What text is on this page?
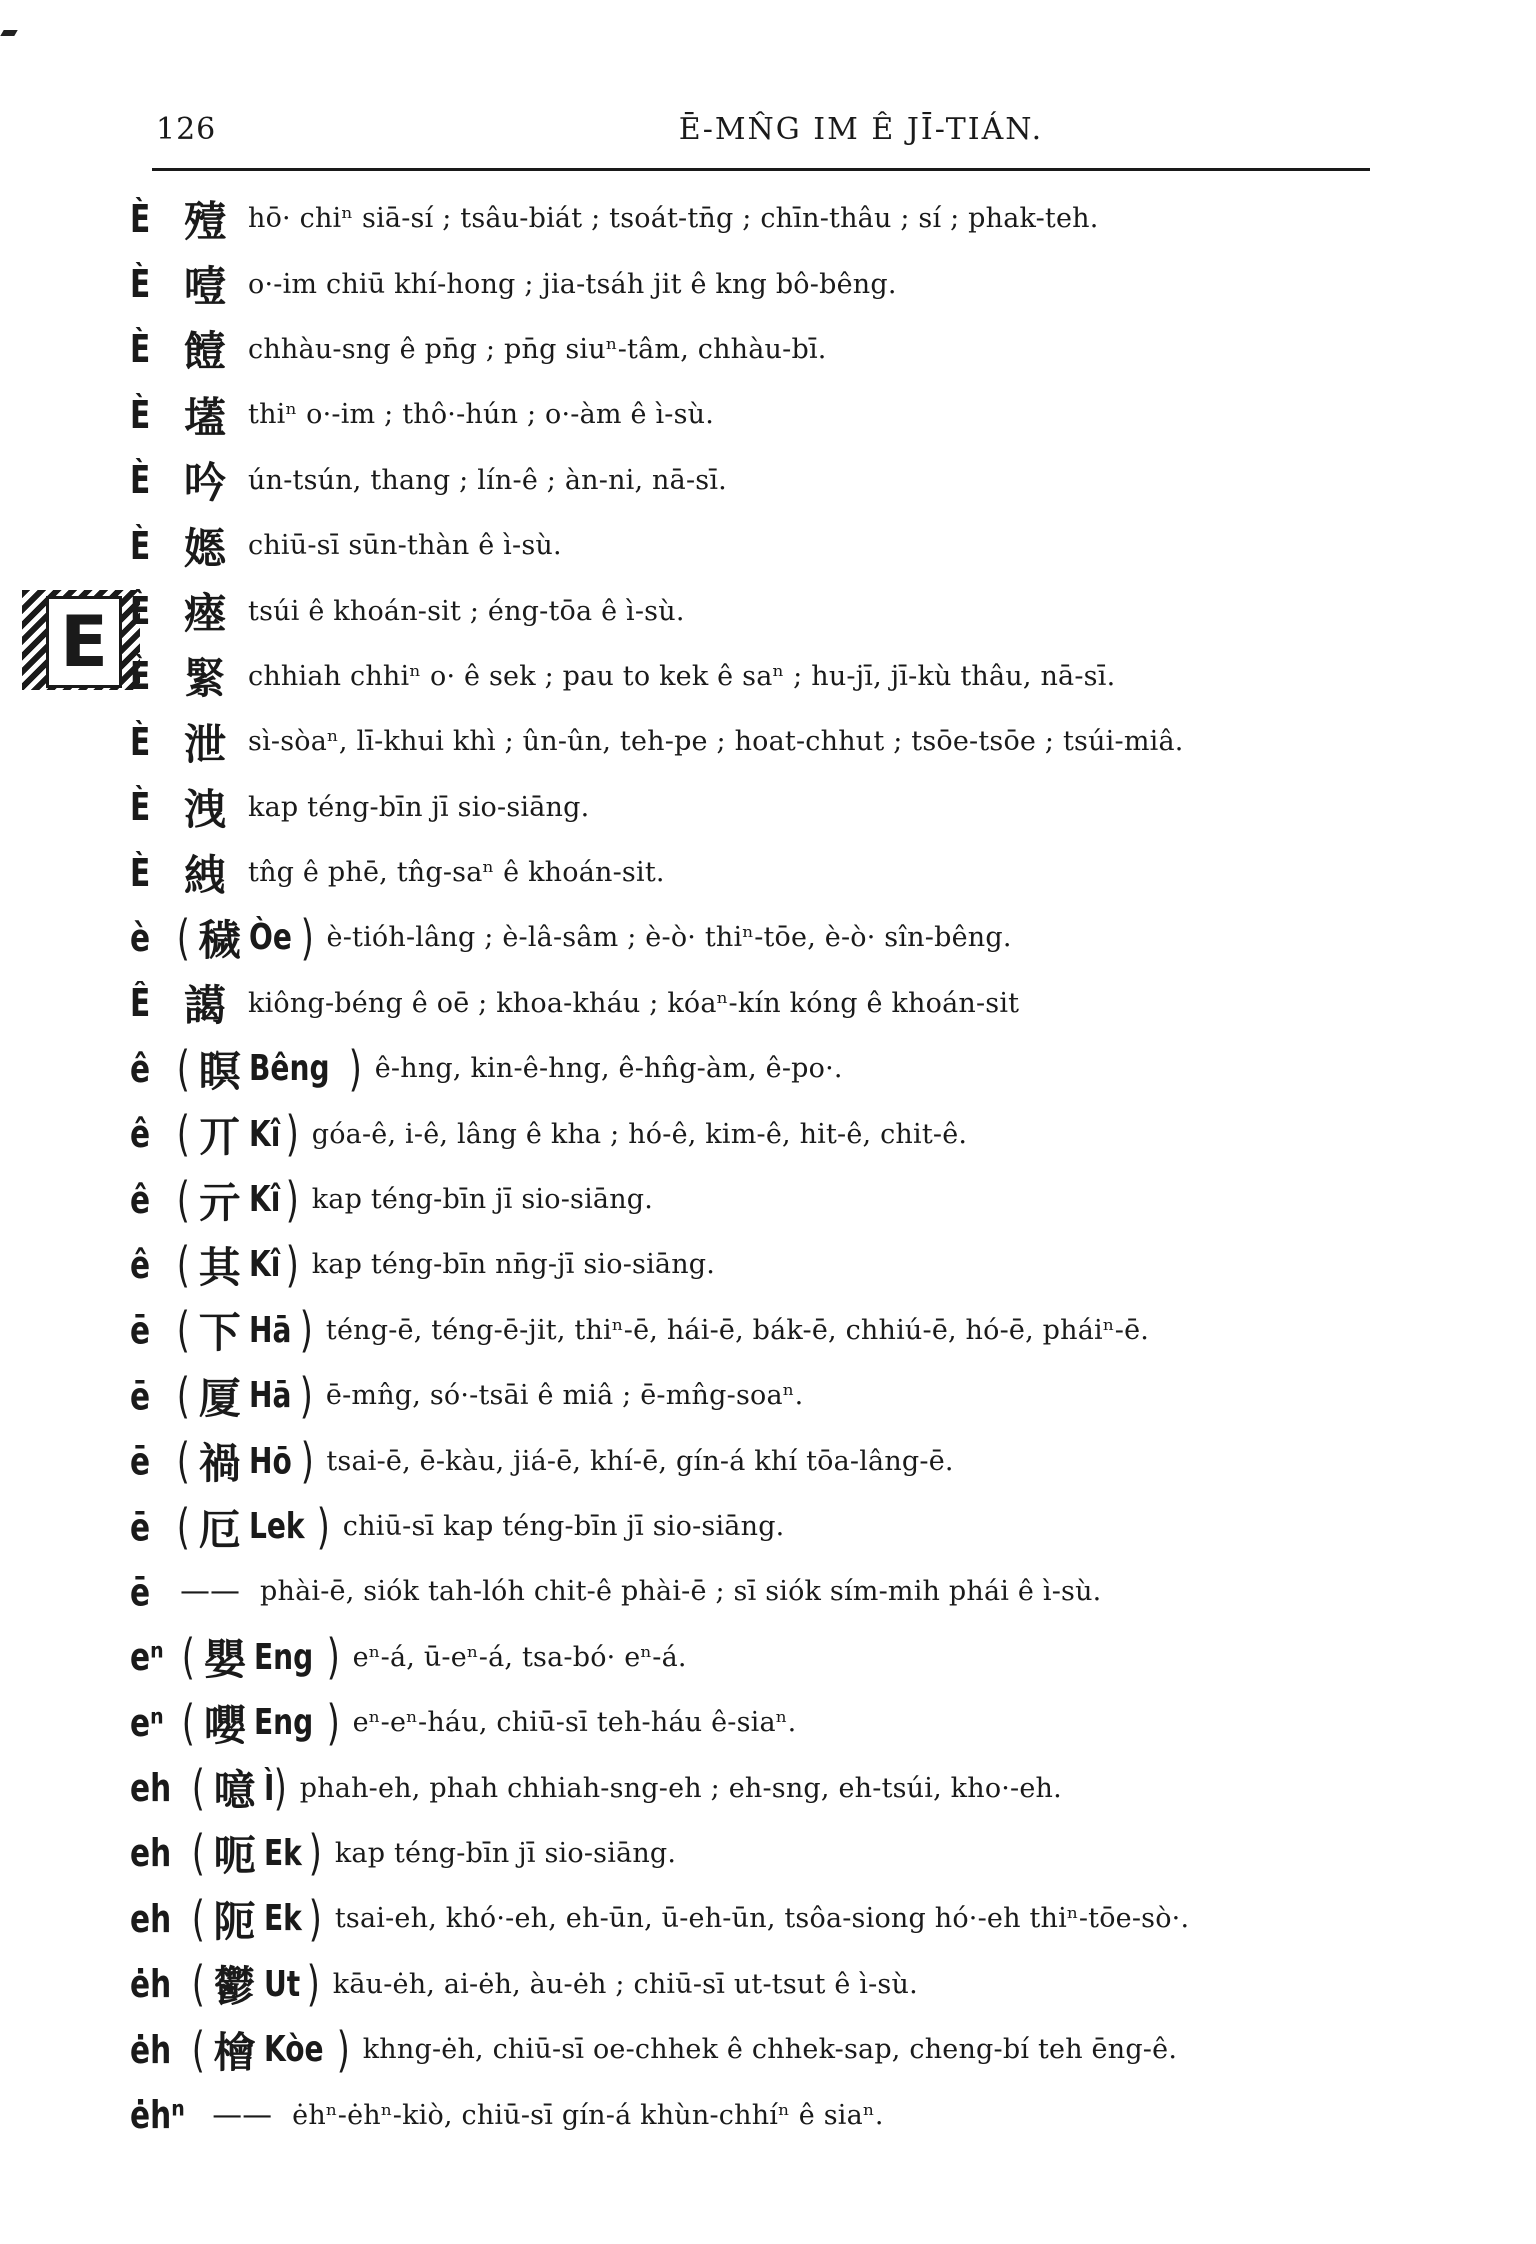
126	Ē-MN̂G IM Ê JĪ-TIÁN.
E
È 殪 hō· chiⁿ siā-sí ; tsâu-biát ; tsoát-tn̄g ; chīn-thâu ; sí ; phak-teh.
È 噎 o·-im chiū khí-hong ; jia-tsáh jit ê kng bô-bêng.
È 饐 chhàu-sng ê pn̄g ; pn̄g siuⁿ-tâm, chhàu-bī.
È 壒 thiⁿ o·-im ; thô·-hún ; o·-àm ê ì-sù.
È 吟 ún-tsún, thang ; lín-ê ; àn-ni, nā-sī.
È 嫕 chiū-sī sūn-thàn ê ì-sù.
È 瘞 tsúi ê khoán-sit ; éng-tōa ê ì-sù.
È 緊 chhiah chhiⁿ o· ê sek ; pau to kek ê saⁿ ; hu-jī, jī-kù thâu, nā-sī.
È 泄 sì-sòaⁿ, lī-khui khì ; ûn-ûn, teh-pe ; hoat-chhut ; tsōe-tsōe ; tsúi-miâ.
È 洩 kap téng-bīn jī sio-siāng.
È 絏 tn̂g ê phē, tn̂g-saⁿ ê khoán-sit.
è ( 穢 Òe ) è-tióh-lâng ; è-lâ-sâm ; è-ò· thiⁿ-tōe, è-ò· sîn-bêng.
Ê 譪 kiông-béng ê oē ; khoa-kháu ; kóaⁿ-kín kóng ê khoán-sit
ê ( 瞑 Bêng ) ê-hng, kin-ê-hng, ê-hn̂g-àm, ê-po·.
ê ( 丌 Kî ) góa-ê, i-ê, lâng ê kha ; hó-ê, kim-ê, hit-ê, chit-ê.
ê ( 亓 Kî ) kap téng-bīn jī sio-siāng.
ê ( 其 Kî ) kap téng-bīn nn̄g-jī sio-siāng.
ē ( 下 Hā ) téng-ē, téng-ē-jit, thiⁿ-ē, hái-ē, bák-ē, chhiú-ē, hó-ē, pháiⁿ-ē.
ē ( 厦 Hā ) ē-mn̂g, só·-tsāi ê miâ ; ē-mn̂g-soaⁿ.
ē ( 禍 Hō ) tsai-ē, ē-kàu, jiá-ē, khí-ē, gín-á khí tōa-lâng-ē.
ē ( 厄 Lek ) chiū-sī kap téng-bīn jī sio-siāng.
ē —— phài-ē, siók tah-lóh chit-ê phài-ē ; sī siók sím-mih phái ê ì-sù.
eⁿ ( 嬰 Eng ) eⁿ-á, ū-eⁿ-á, tsa-bó· eⁿ-á.
eⁿ ( 嚶 Eng ) eⁿ-eⁿ-háu, chiū-sī teh-háu ê-siaⁿ.
eh ( 噫 Ì ) phah-eh, phah chhiah-sng-eh ; eh-sng, eh-tsúi, kho·-eh.
eh ( 呃 Ek ) kap téng-bīn jī sio-siāng.
eh ( 阨 Ek ) tsai-eh, khó·-eh, eh-ūn, ū-eh-ūn, tsôa-siong hó·-eh thiⁿ-tōe-sò·.
ėh ( 鬱 Ut ) kāu-ėh, ai-ėh, àu-ėh ; chiū-sī ut-tsut ê ì-sù.
ėh ( 檜 Kòe ) khng-ėh, chiū-sī oe-chhek ê chhek-sap, cheng-bí teh ēng-ê.
ėhⁿ —— ėhⁿ-ėhⁿ-kiò, chiū-sī gín-á khùn-chhíⁿ ê siaⁿ.
